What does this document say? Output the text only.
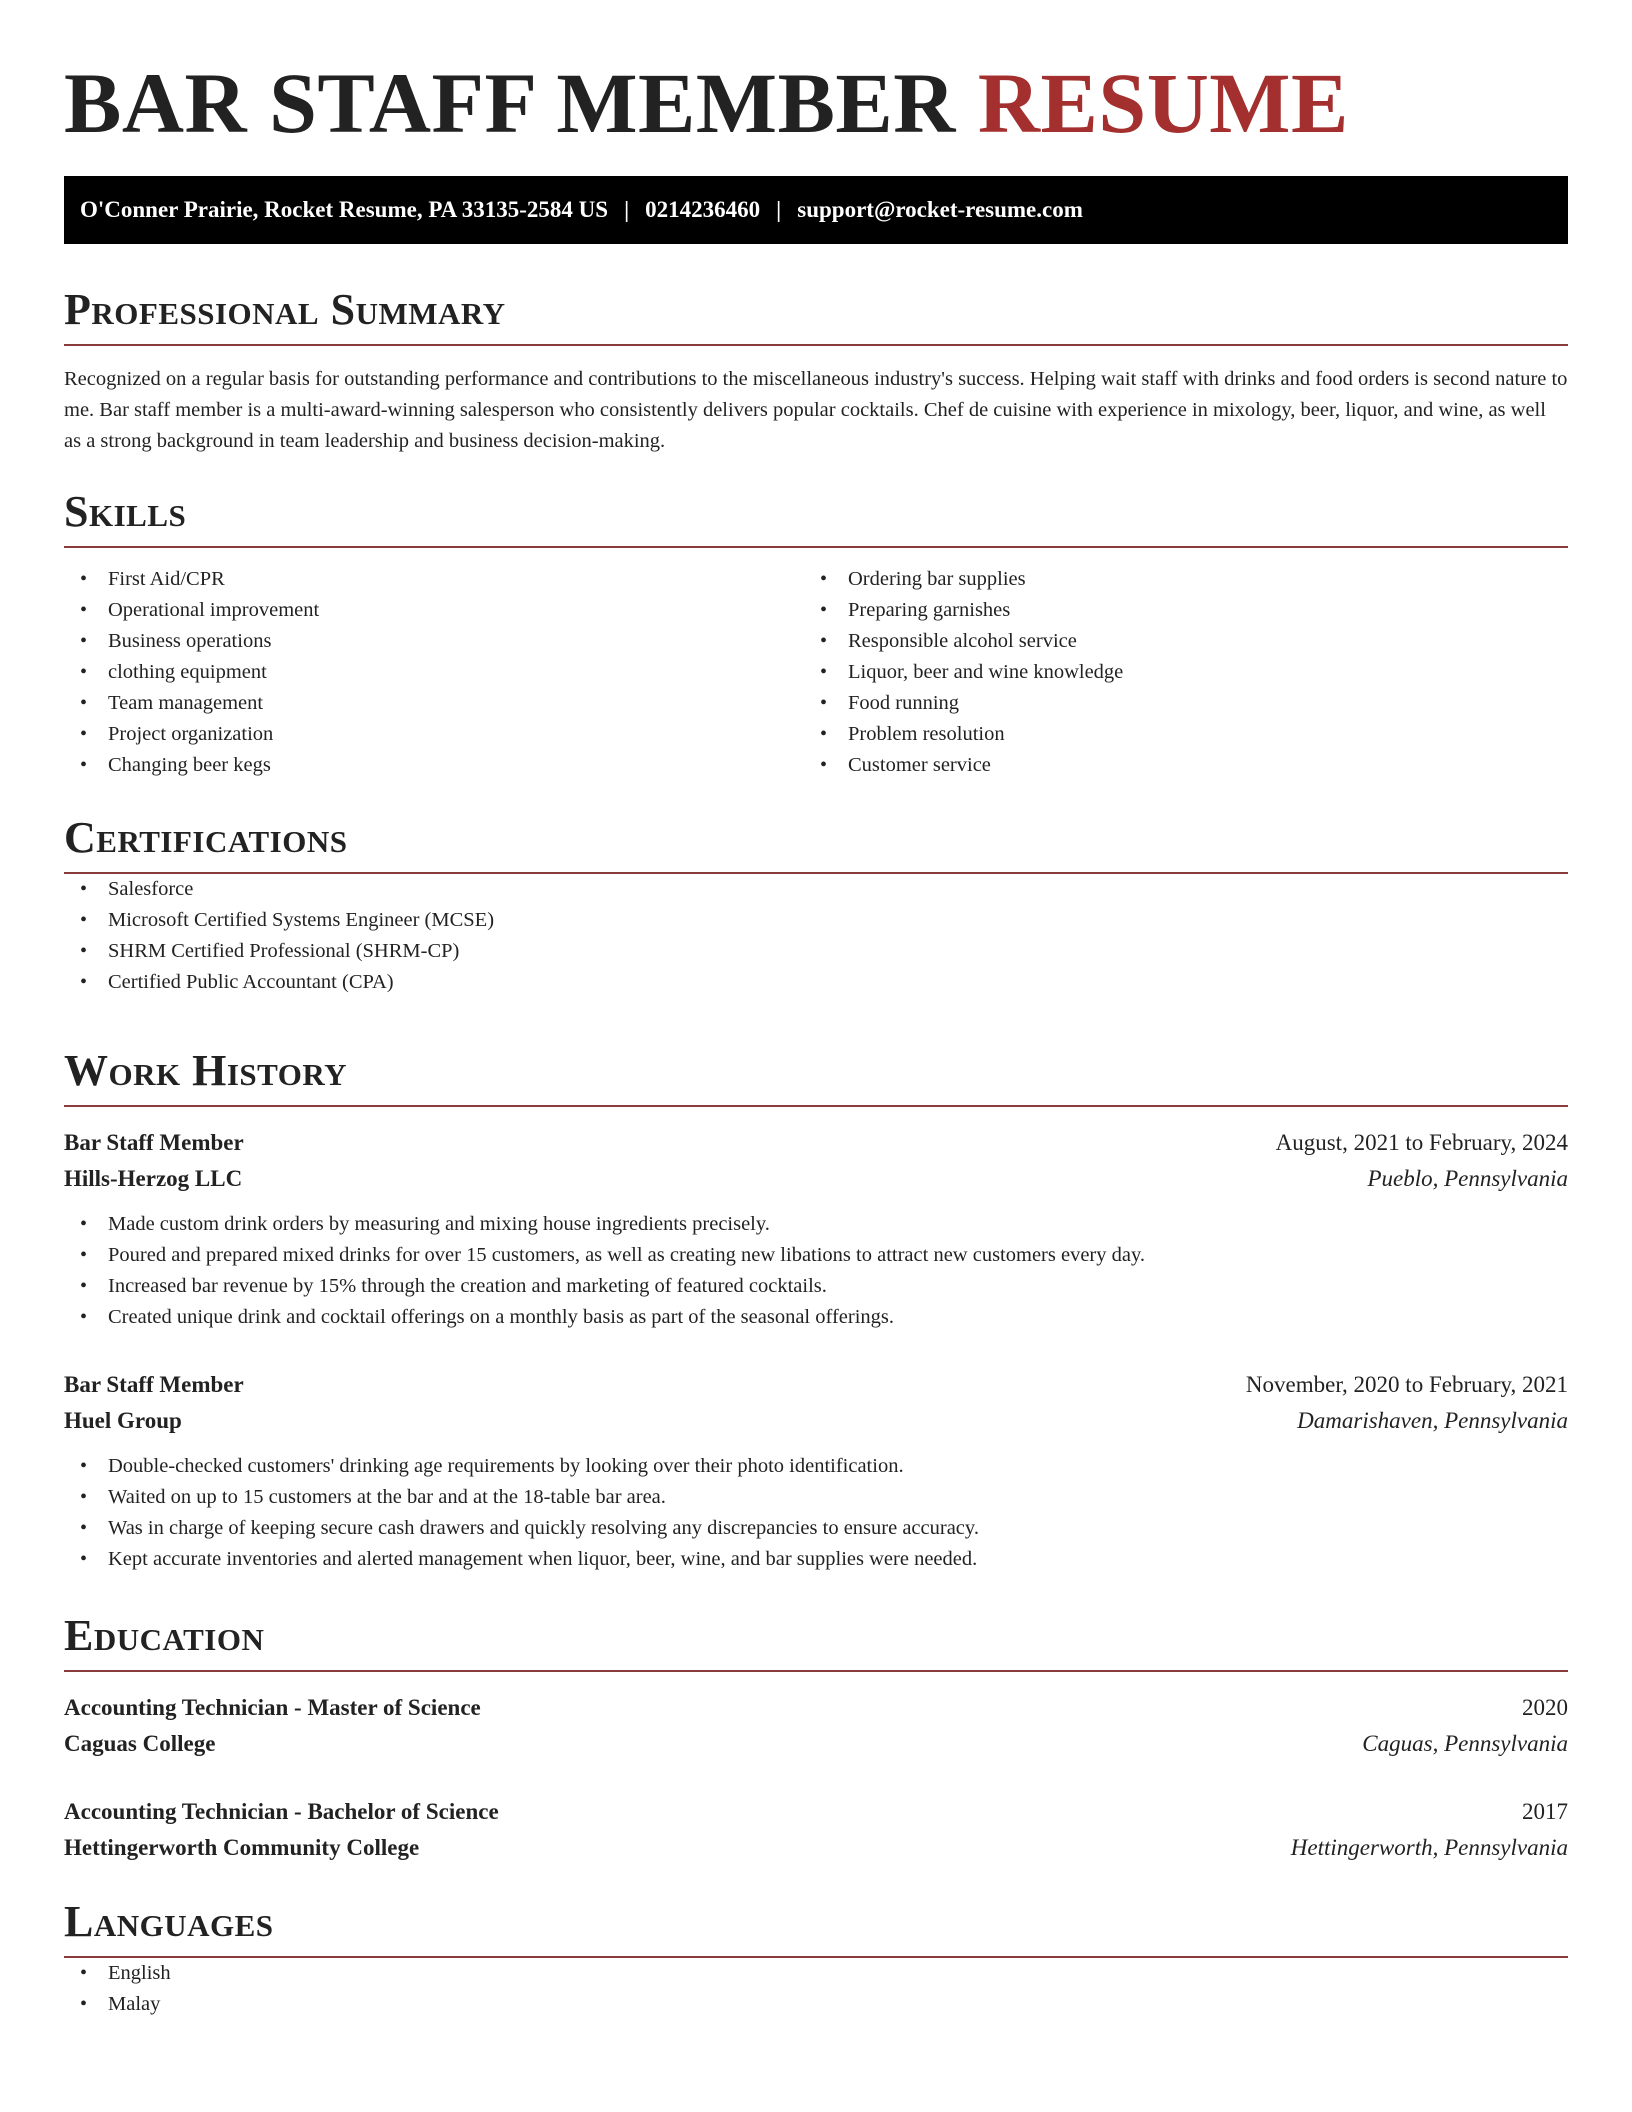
BAR STAFF MEMBER RESUME
O'Conner Prairie, Rocket Resume, PA 33135-2584 US | 0214236460 | support@rocket-resume.com
Professional Summary

Recognized on a regular basis for outstanding performance and contributions to the miscellaneous industry's success. Helping wait staff with drinks and food orders is second nature to me. Bar staff member is a multi-award-winning salesperson who consistently delivers popular cocktails. Chef de cuisine with experience in mixology, beer, liquor, and wine, as well as a strong background in team leadership and business decision-making.

Skills
• First Aid/CPR
• Operational improvement
• Business operations
• clothing equipment
• Team management
• Project organization
• Changing beer kegs
• Ordering bar supplies
• Preparing garnishes
• Responsible alcohol service
• Liquor, beer and wine knowledge
• Food running
• Problem resolution
• Customer service
Certifications
• Salesforce
• Microsoft Certified Systems Engineer (MCSE)
• SHRM Certified Professional (SHRM-CP)
• Certified Public Accountant (CPA)
Work History
Bar Staff Member	August, 2021 to February, 2024
Hills-Herzog LLC	Pueblo, Pennsylvania
• Made custom drink orders by measuring and mixing house ingredients precisely.
• Poured and prepared mixed drinks for over 15 customers, as well as creating new libations to attract new customers every day.
• Increased bar revenue by 15% through the creation and marketing of featured cocktails.
• Created unique drink and cocktail offerings on a monthly basis as part of the seasonal offerings.
Bar Staff Member	November, 2020 to February, 2021
Huel Group	Damarishaven, Pennsylvania
• Double-checked customers' drinking age requirements by looking over their photo identification.
• Waited on up to 15 customers at the bar and at the 18-table bar area.
• Was in charge of keeping secure cash drawers and quickly resolving any discrepancies to ensure accuracy.
• Kept accurate inventories and alerted management when liquor, beer, wine, and bar supplies were needed.
Education
Accounting Technician - Master of Science	2020
Caguas College	Caguas, Pennsylvania
Accounting Technician - Bachelor of Science	2017
Hettingerworth Community College	Hettingerworth, Pennsylvania
Languages
• English
• Malay
